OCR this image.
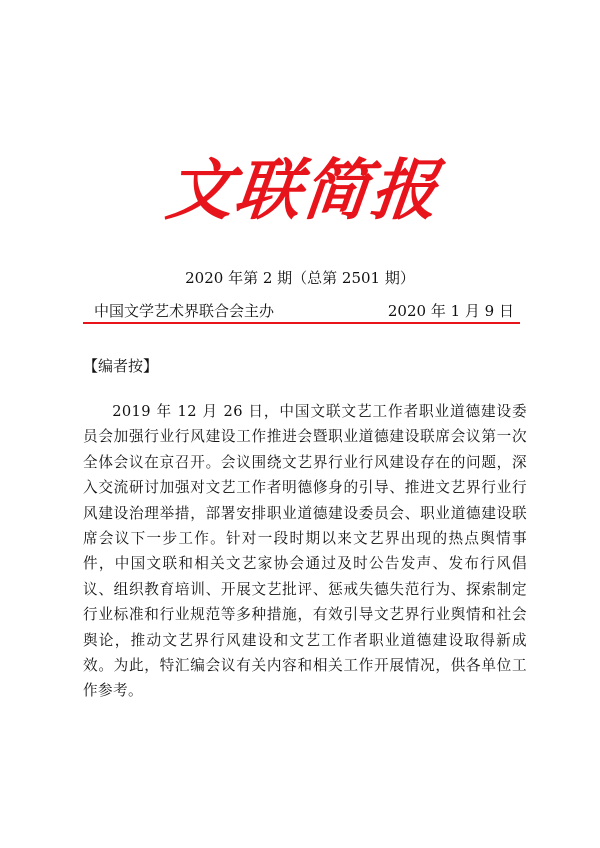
文联简报
2020 年第 2 期（总第 2501 期）
中国文学艺术界联合会主办	2020 年 1 月 9 日
【编者按】
2019 年 12 月 26 日，中国文联文艺工作者职业道德建设委员会加强行业行风建设工作推进会暨职业道德建设联席会议第一次全体会议在京召开。会议围绕文艺界行业行风建设存在的问题，深入交流研讨加强对文艺工作者明德修身的引导、推进文艺界行业行风建设治理举措，部署安排职业道德建设委员会、职业道德建设联席会议下一步工作。针对一段时期以来文艺界出现的热点舆情事件，中国文联和相关文艺家协会通过及时公告发声、发布行风倡议、组织教育培训、开展文艺批评、惩戒失德失范行为、探索制定行业标准和行业规范等多种措施，有效引导文艺界行业舆情和社会舆论，推动文艺界行风建设和文艺工作者职业道德建设取得新成效。为此，特汇编会议有关内容和相关工作开展情况，供各单位工作参考。
